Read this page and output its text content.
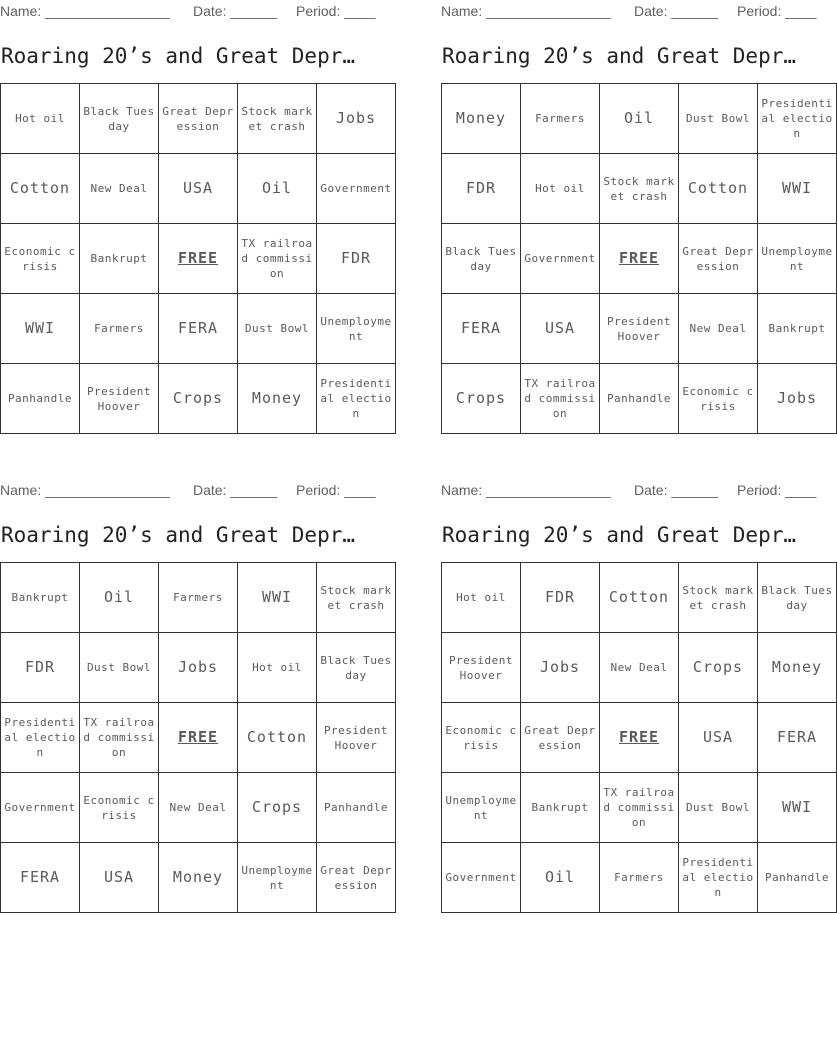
Name: ________________ Date: ______ Period: ____
Roaring 20’s and Great Depr…
Hot oil	Black Tuesday	Great Depression	Stock market crash	Jobs
Cotton	New Deal	USA	Oil	Government
Economic crisis	Bankrupt	FREE	TX railroad commission	FDR
WWI	Farmers	FERA	Dust Bowl	Unemployment
Panhandle	President Hoover	Crops	Money	Presidential election
Name: ________________ Date: ______ Period: ____
Roaring 20’s and Great Depr…
Money	Farmers	Oil	Dust Bowl	Presidential election
FDR	Hot oil	Stock market crash	Cotton	WWI
Black Tuesday	Government	FREE	Great Depression	Unemployment
FERA	USA	President Hoover	New Deal	Bankrupt
Crops	TX railroad commission	Panhandle	Economic crisis	Jobs
Name: ________________ Date: ______ Period: ____
Roaring 20’s and Great Depr…
Bankrupt	Oil	Farmers	WWI	Stock market crash
FDR	Dust Bowl	Jobs	Hot oil	Black Tuesday
Presidential election	TX railroad commission	FREE	Cotton	President Hoover
Government	Economic crisis	New Deal	Crops	Panhandle
FERA	USA	Money	Unemployment	Great Depression
Name: ________________ Date: ______ Period: ____
Roaring 20’s and Great Depr…
Hot oil	FDR	Cotton	Stock market crash	Black Tuesday
President Hoover	Jobs	New Deal	Crops	Money
Economic crisis	Great Depression	FREE	USA	FERA
Unemployment	Bankrupt	TX railroad commission	Dust Bowl	WWI
Government	Oil	Farmers	Presidential election	Panhandle
